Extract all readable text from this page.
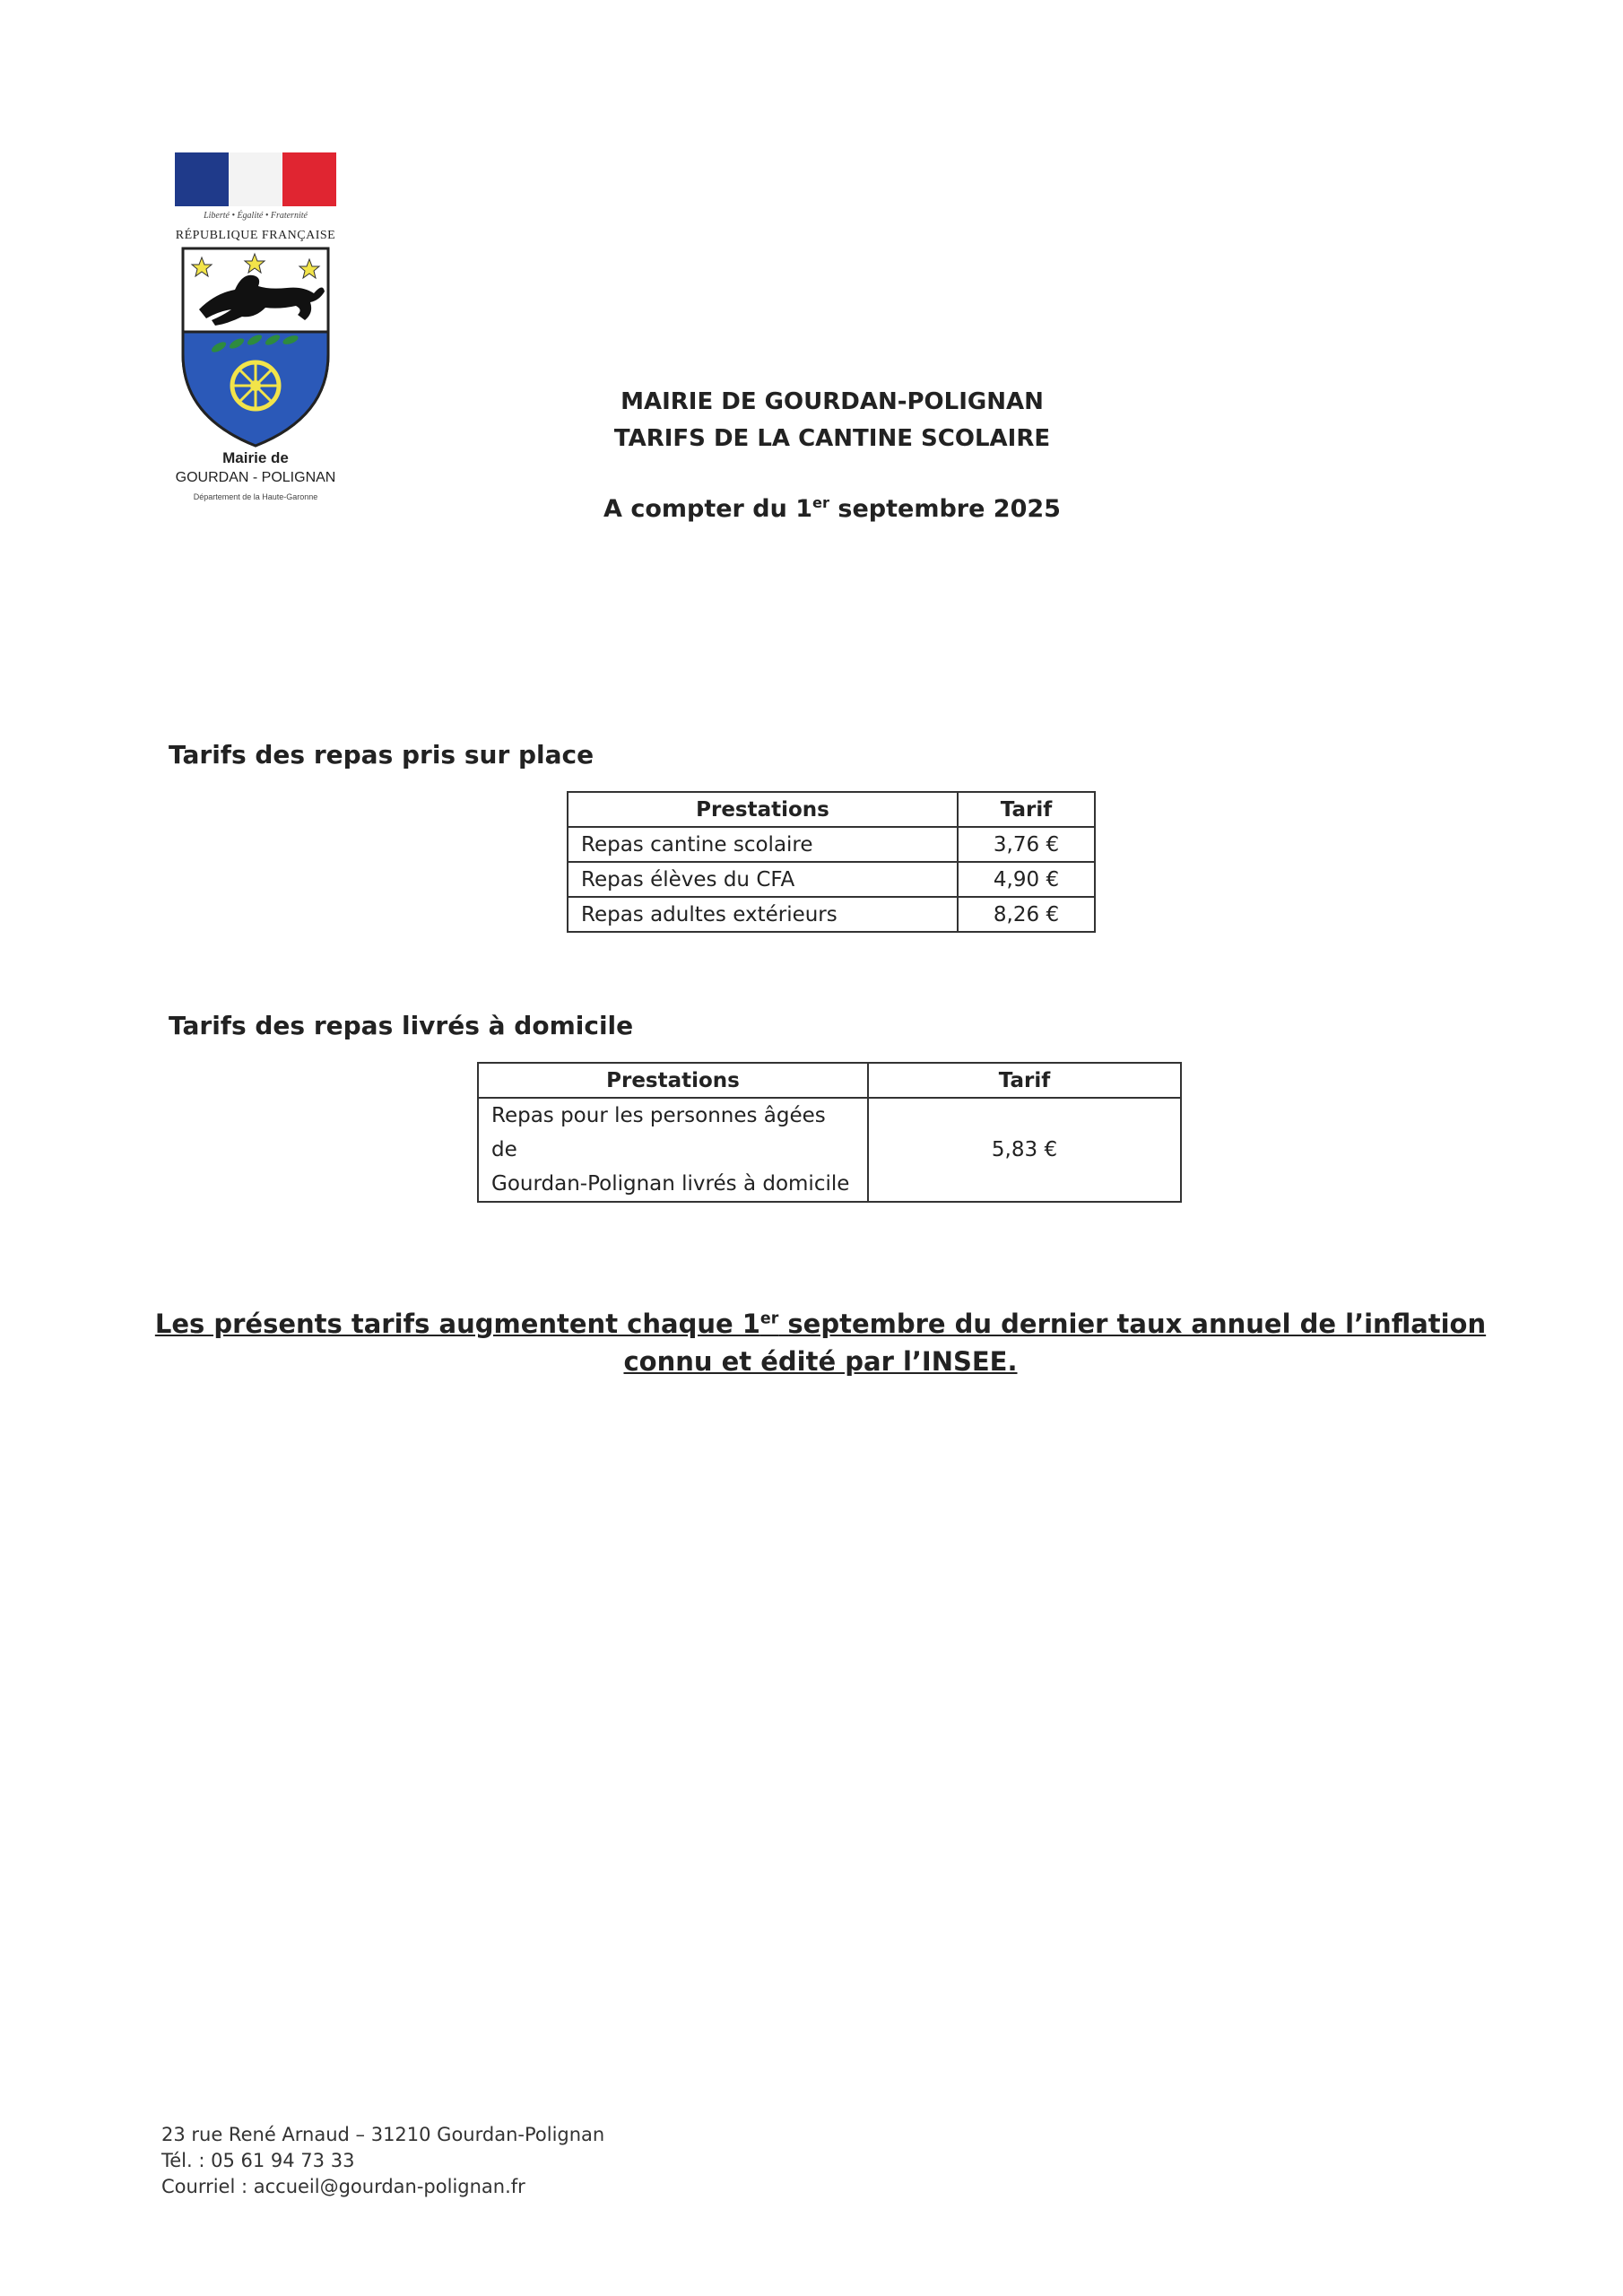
Liberté • Égalité • Fraternité
RÉPUBLIQUE FRANÇAISE
Mairie de
GOURDAN - POLIGNAN
Département de la Haute-Garonne
MAIRIE DE GOURDAN-POLIGNAN
TARIFS DE LA CANTINE SCOLAIRE
A compter du 1er septembre 2025
Tarifs des repas pris sur place
Prestations	Tarif
Repas cantine scolaire	3,76 €
Repas élèves du CFA	4,90 €
Repas adultes extérieurs	8,26 €
Tarifs des repas livrés à domicile
Prestations	Tarif
Repas pour les personnes âgées de
Gourdan-Polignan livrés à domicile	5,83 €
Les présents tarifs augmentent chaque 1er septembre du dernier taux annuel de l’inflation connu et édité par l’INSEE.
23 rue René Arnaud – 31210 Gourdan-Polignan
Tél. : 05 61 94 73 33
Courriel : accueil@gourdan-polignan.fr
